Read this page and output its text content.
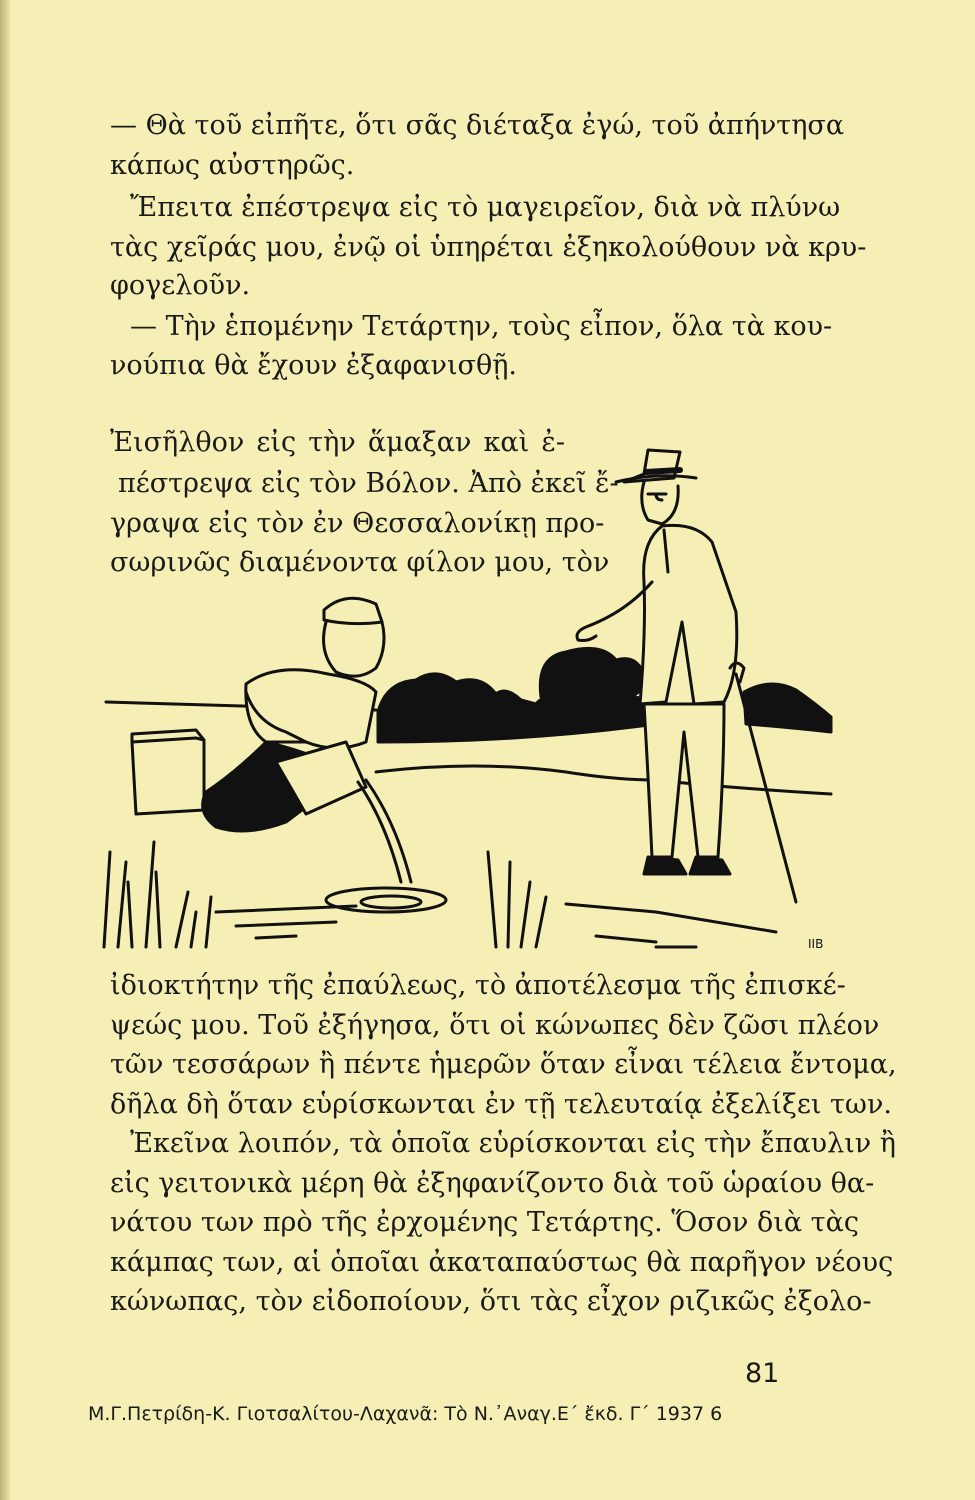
— Θὰ τοῦ εἰπῆτε, ὅτι σᾶς διέταξα ἐγώ, τοῦ ἀπήντησα
κάπως αὐστηρῶς.
Ἔπειτα ἐπέστρεψα εἰς τὸ μαγειρεῖον, διὰ νὰ πλύνω
τὰς χεῖράς μου, ἐνῷ οἱ ὑπηρέται ἐξηκολούθουν νὰ κρυ-
φογελοῦν.
— Τὴν ἑπομένην Τετάρτην, τοὺς εἶπον, ὅλα τὰ κου-
νούπια θὰ ἔχουν ἐξαφανισθῇ.
Ἐισῆλθον εἰς τὴν ἅμαξαν καὶ ἐ-
πέστρεψα εἰς τὸν Βόλον. Ἀπὸ ἐκεῖ ἔ-
γραψα εἰς τὸν ἐν Θεσσαλονίκῃ προ-
σωρινῶς διαμένοντα φίλον μου, τὸν
ΙΙΒ
ἰδιοκτήτην τῆς ἐπαύλεως, τὸ ἀποτέλεσμα τῆς ἐπισκέ-
ψεώς μου. Τοῦ ἐξήγησα, ὅτι οἱ κώνωπες δὲν ζῶσι πλέον
τῶν τεσσάρων ἢ πέντε ἡμερῶν ὅταν εἶναι τέλεια ἔντομα,
δῆλα δὴ ὅταν εὑρίσκωνται ἐν τῇ τελευταίᾳ ἐξελίξει των.
Ἐκεῖνα λοιπόν, τὰ ὁποῖα εὑρίσκονται εἰς τὴν ἔπαυλιν ἢ
εἰς γειτονικὰ μέρη θὰ ἐξηφανίζοντο διὰ τοῦ ὡραίου θα-
νάτου των πρὸ τῆς ἐρχομένης Τετάρτης. Ὅσον διὰ τὰς
κάμπας των, αἱ ὁποῖαι ἀκαταπαύστως θὰ παρῆγον νέους
κώνωπας, τὸν εἰδοποίουν, ὅτι τὰς εἶχον ριζικῶς ἐξολο-
81
Μ.Γ.Πετρίδη-Κ. Γιοτσαλίτου-Λαχανᾶ: Τὸ Ν.᾿Αναγ.Ε´ ἔκδ. Γ´ 1937 6
